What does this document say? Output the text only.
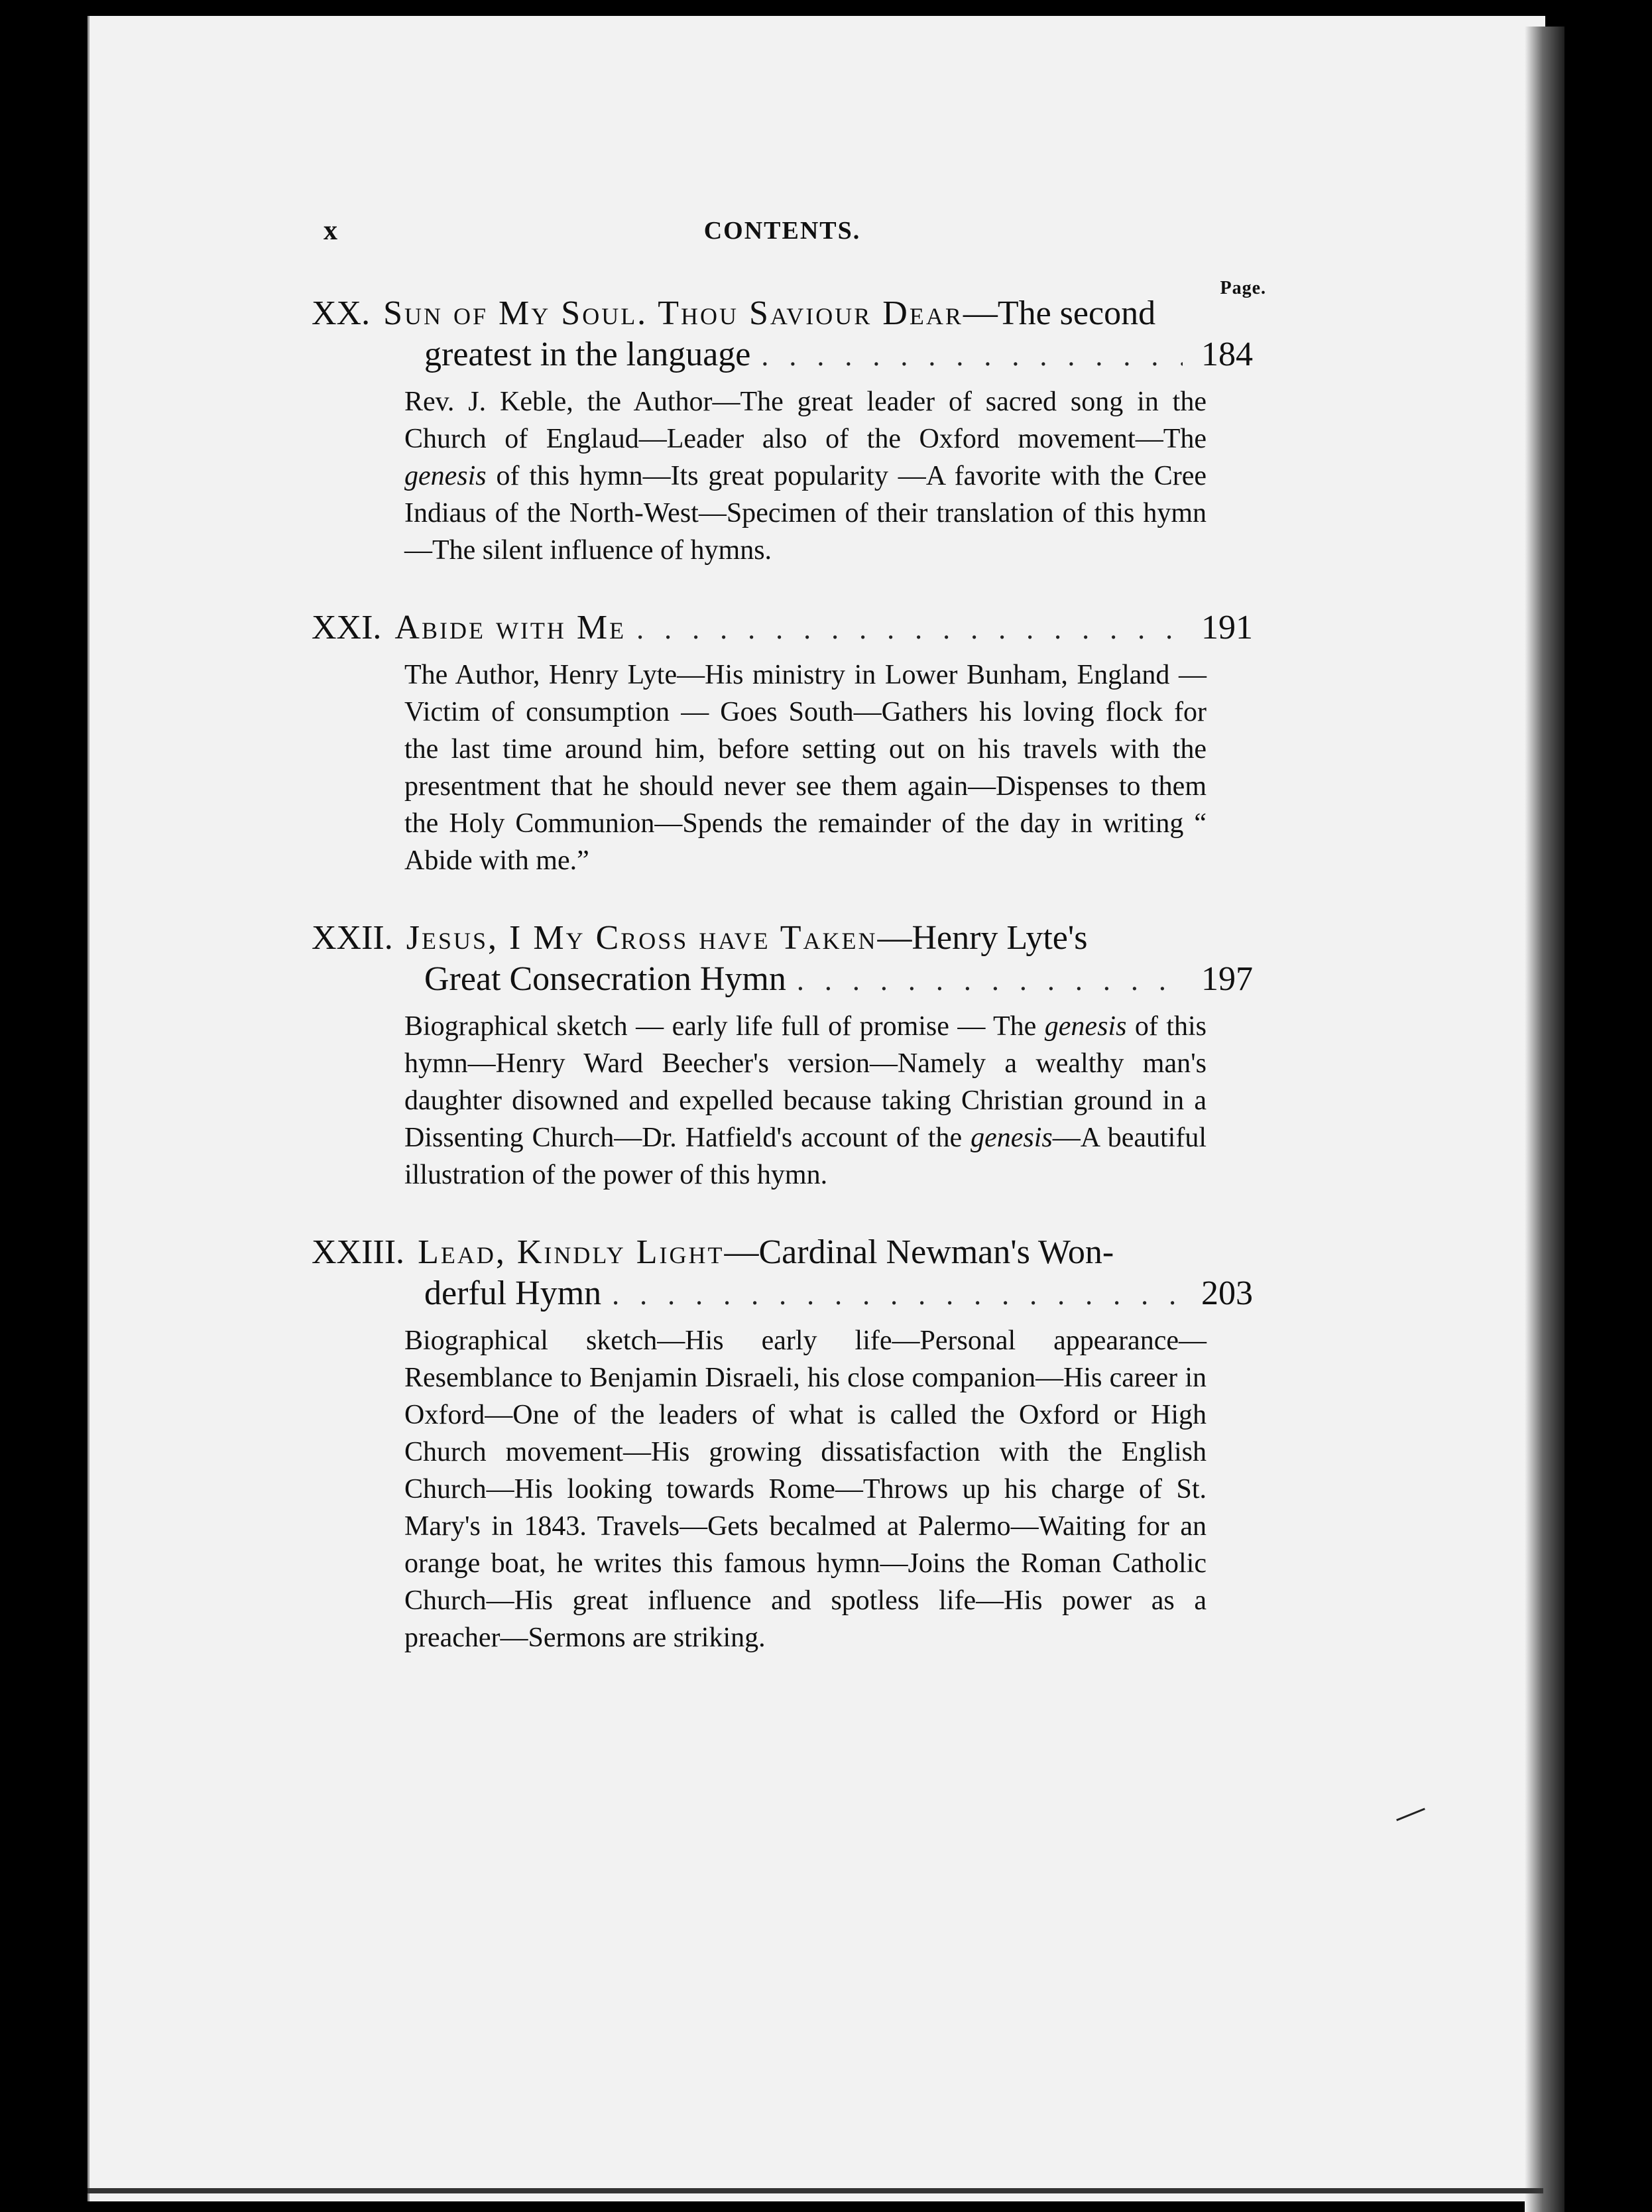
x	CONTENTS.
Page.
XX. Sun of My Soul. Thou Saviour Dear —The second
greatest in the language . . .	184
Rev. J. Keble, the Author—The great leader of sacred song in the Church of Englaud—Leader also of the Oxford movement—The genesis of this hymn—Its great popularity —A favorite with the Cree Indiaus of the North-West—Specimen of their translation of this hymn—The silent influence of hymns.
XXI. Abide with Me . . .	191
The Author, Henry Lyte—His ministry in Lower Bunham, England — Victim of consumption — Goes South—Gathers his loving flock for the last time around him, before setting out on his travels with the presentment that he should never see them again—Dispenses to them the Holy Communion—Spends the remainder of the day in writing “ Abide with me.”
XXII. Jesus, I My Cross have Taken —Henry Lyte's
Great Consecration Hymn . . .	197
Biographical sketch — early life full of promise — The genesis of this hymn—Henry Ward Beecher's version—Namely a wealthy man's daughter disowned and expelled because taking Christian ground in a Dissenting Church—Dr. Hatfield's account of the genesis—A beautiful illustration of the power of this hymn.
XXIII. Lead, Kindly Light —Cardinal Newman's Won-
derful Hymn . . .	203
Biographical sketch—His early life—Personal appearance—Resemblance to Benjamin Disraeli, his close companion—His career in Oxford—One of the leaders of what is called the Oxford or High Church movement—His growing dissatisfaction with the English Church—His looking towards Rome—Throws up his charge of St. Mary's in 1843. Travels—Gets becalmed at Palermo—Waiting for an orange boat, he writes this famous hymn—Joins the Roman Catholic Church—His great influence and spotless life—His power as a preacher—Sermons are striking.
